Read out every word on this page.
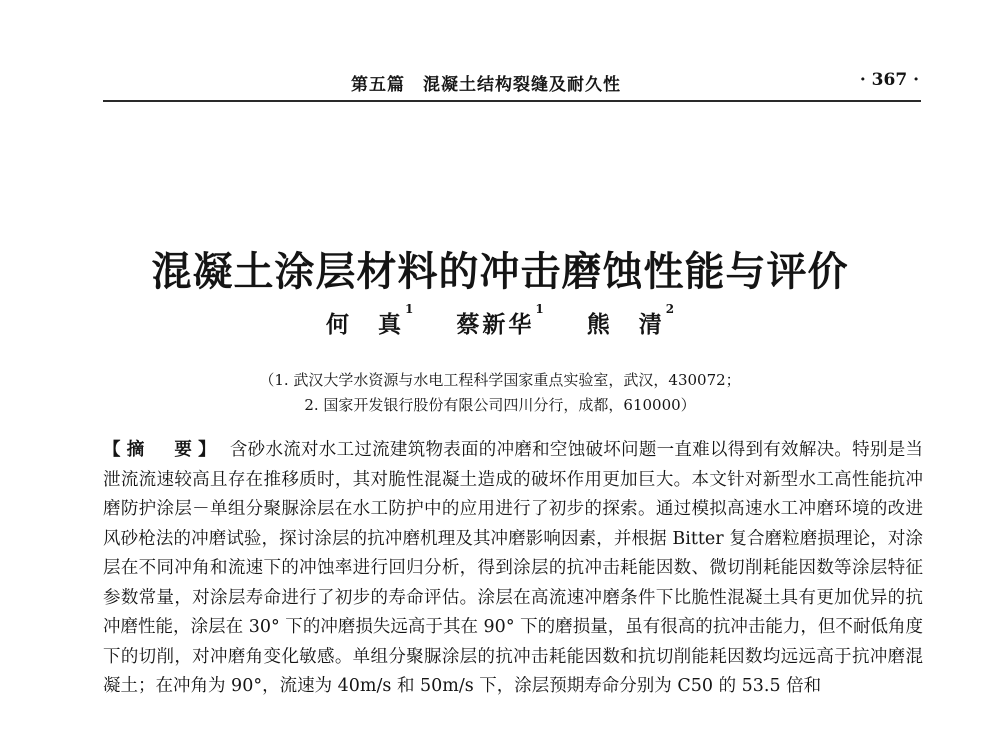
第五篇　混凝土结构裂缝及耐久性	· 367 ·
混凝土涂层材料的冲击磨蚀性能与评价
何　真$^1$ 蔡新华$^1$ 熊　清$^2$
（1. 武汉大学水资源与水电工程科学国家重点实验室，武汉，430072；
2. 国家开发银行股份有限公司四川分行，成都，610000）
【摘　要】 含砂水流对水工过流建筑物表面的冲磨和空蚀破坏问题一直难以得到有效解决。特别是当泄流流速较高且存在推移质时，其对脆性混凝土造成的破坏作用更加巨大。本文针对新型水工高性能抗冲磨防护涂层－单组分聚脲涂层在水工防护中的应用进行了初步的探索。通过模拟高速水工冲磨环境的改进风砂枪法的冲磨试验，探讨涂层的抗冲磨机理及其冲磨影响因素，并根据 Bitter 复合磨粒磨损理论，对涂层在不同冲角和流速下的冲蚀率进行回归分析，得到涂层的抗冲击耗能因数、微切削耗能因数等涂层特征参数常量，对涂层寿命进行了初步的寿命评估。涂层在高流速冲磨条件下比脆性混凝土具有更加优异的抗冲磨性能，涂层在 30° 下的冲磨损失远高于其在 90° 下的磨损量，虽有很高的抗冲击能力，但不耐低角度下的切削，对冲磨角变化敏感。单组分聚脲涂层的抗冲击耗能因数和抗切削能耗因数均远远高于抗冲磨混凝土；在冲角为 90°，流速为 40m/s 和 50m/s 下，涂层预期寿命分别为 C50 的 53.5 倍和
